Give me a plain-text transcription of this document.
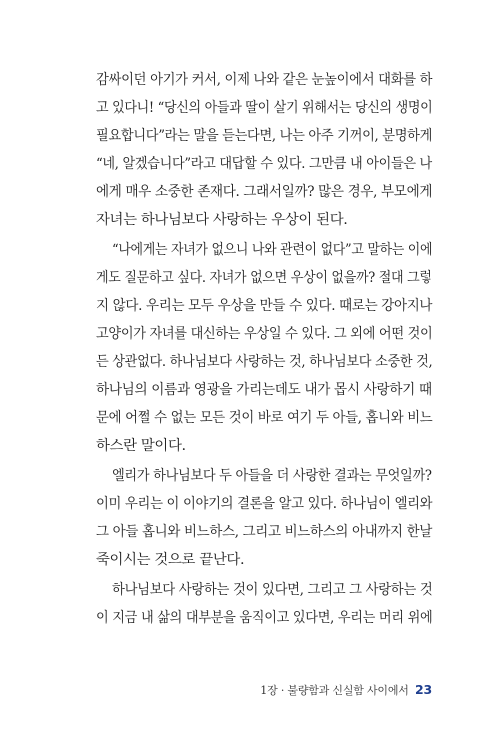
감싸이던 아기가 커서, 이제 나와 같은 눈높이에서 대화를 하
고 있다니! “당신의 아들과 딸이 살기 위해서는 당신의 생명이
필요합니다”라는 말을 듣는다면, 나는 아주 기꺼이, 분명하게
“네, 알겠습니다”라고 대답할 수 있다. 그만큼 내 아이들은 나
에게 매우 소중한 존재다. 그래서일까? 많은 경우, 부모에게
자녀는 하나님보다 사랑하는 우상이 된다.
“나에게는 자녀가 없으니 나와 관련이 없다”고 말하는 이에
게도 질문하고 싶다. 자녀가 없으면 우상이 없을까? 절대 그렇
지 않다. 우리는 모두 우상을 만들 수 있다. 때로는 강아지나
고양이가 자녀를 대신하는 우상일 수 있다. 그 외에 어떤 것이
든 상관없다. 하나님보다 사랑하는 것, 하나님보다 소중한 것,
하나님의 이름과 영광을 가리는데도 내가 몹시 사랑하기 때
문에 어쩔 수 없는 모든 것이 바로 여기 두 아들, 홉니와 비느
하스란 말이다.
엘리가 하나님보다 두 아들을 더 사랑한 결과는 무엇일까?
이미 우리는 이 이야기의 결론을 알고 있다. 하나님이 엘리와
그 아들 홉니와 비느하스, 그리고 비느하스의 아내까지 한날
죽이시는 것으로 끝난다.
하나님보다 사랑하는 것이 있다면, 그리고 그 사랑하는 것
이 지금 내 삶의 대부분을 움직이고 있다면, 우리는 머리 위에
1장 · 불량함과 신실함 사이에서 23
